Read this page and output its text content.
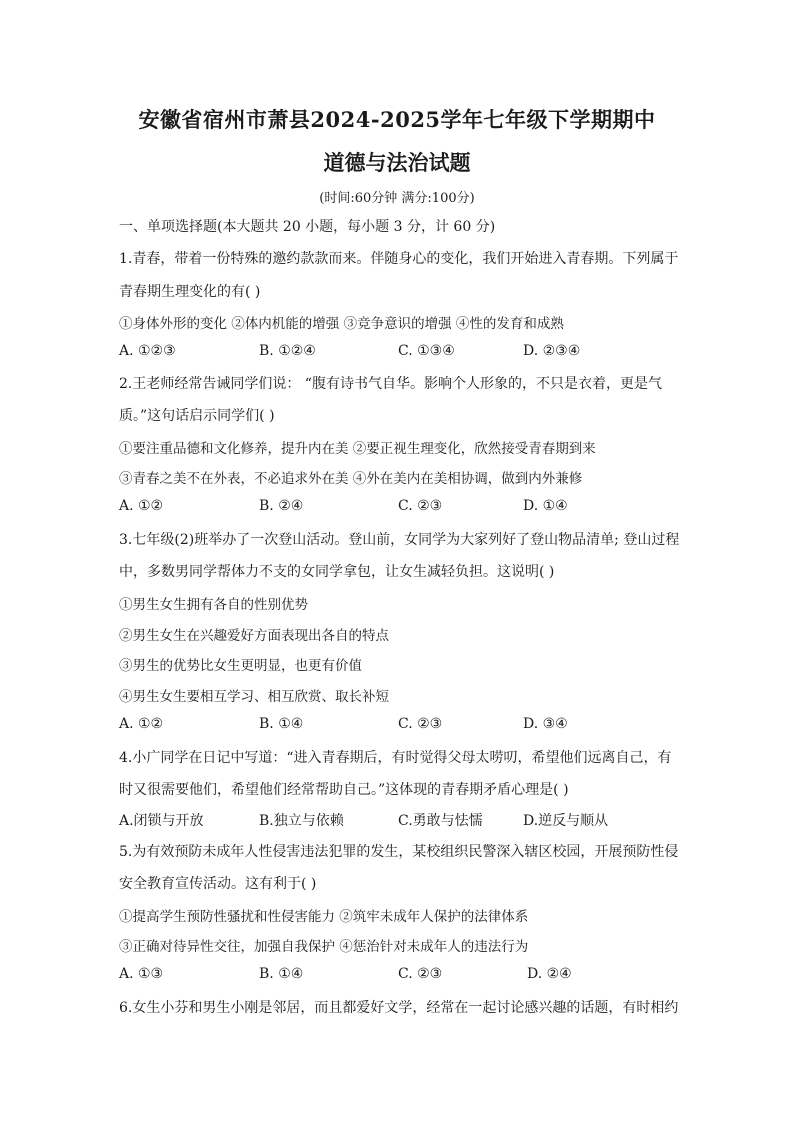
安徽省宿州市萧县2024-2025学年七年级下学期期中
道德与法治试题
(时间:60分钟 满分:100分)
一、单项选择题(本大题共 20 小题，每小题 3 分，计 60 分)
1.青春，带着一份特殊的邀约款款而来。伴随身心的变化，我们开始进入青春期。下列属于
青春期生理变化的有( )
①身体外形的变化 ②体内机能的增强 ③竞争意识的增强 ④性的发育和成熟
A. ①②③	B. ①②④	C. ①③④	D. ②③④
2.王老师经常告诫同学们说： “腹有诗书气自华。影响个人形象的，不只是衣着，更是气
质。”这句话启示同学们( )
①要注重品德和文化修养，提升内在美 ②要正视生理变化，欣然接受青春期到来
③青春之美不在外表，不必追求外在美 ④外在美内在美相协调，做到内外兼修
A. ①②	B. ②④	C. ②③	D. ①④
3.七年级(2)班举办了一次登山活动。登山前，女同学为大家列好了登山物品清单; 登山过程
中，多数男同学帮体力不支的女同学拿包，让女生减轻负担。这说明( )
①男生女生拥有各自的性别优势
②男生女生在兴趣爱好方面表现出各自的特点
③男生的优势比女生更明显，也更有价值
④男生女生要相互学习、相互欣赏、取长补短
A. ①②	B. ①④	C. ②③	D. ③④
4.小广同学在日记中写道：“进入青春期后，有时觉得父母太唠叨，希望他们远离自己，有
时又很需要他们，希望他们经常帮助自己。”这体现的青春期矛盾心理是( )
A.闭锁与开放	B.独立与依赖	C.勇敢与怯懦	D.逆反与顺从
5.为有效预防未成年人性侵害违法犯罪的发生，某校组织民警深入辖区校园，开展预防性侵
安全教育宣传活动。这有利于( )
①提高学生预防性骚扰和性侵害能力 ②筑牢未成年人保护的法律体系
③正确对待异性交往，加强自我保护 ④惩治针对未成年人的违法行为
A. ①③	B. ①④	C. ②③	D. ②④
6.女生小芬和男生小刚是邻居，而且都爱好文学，经常在一起讨论感兴趣的话题，有时相约
